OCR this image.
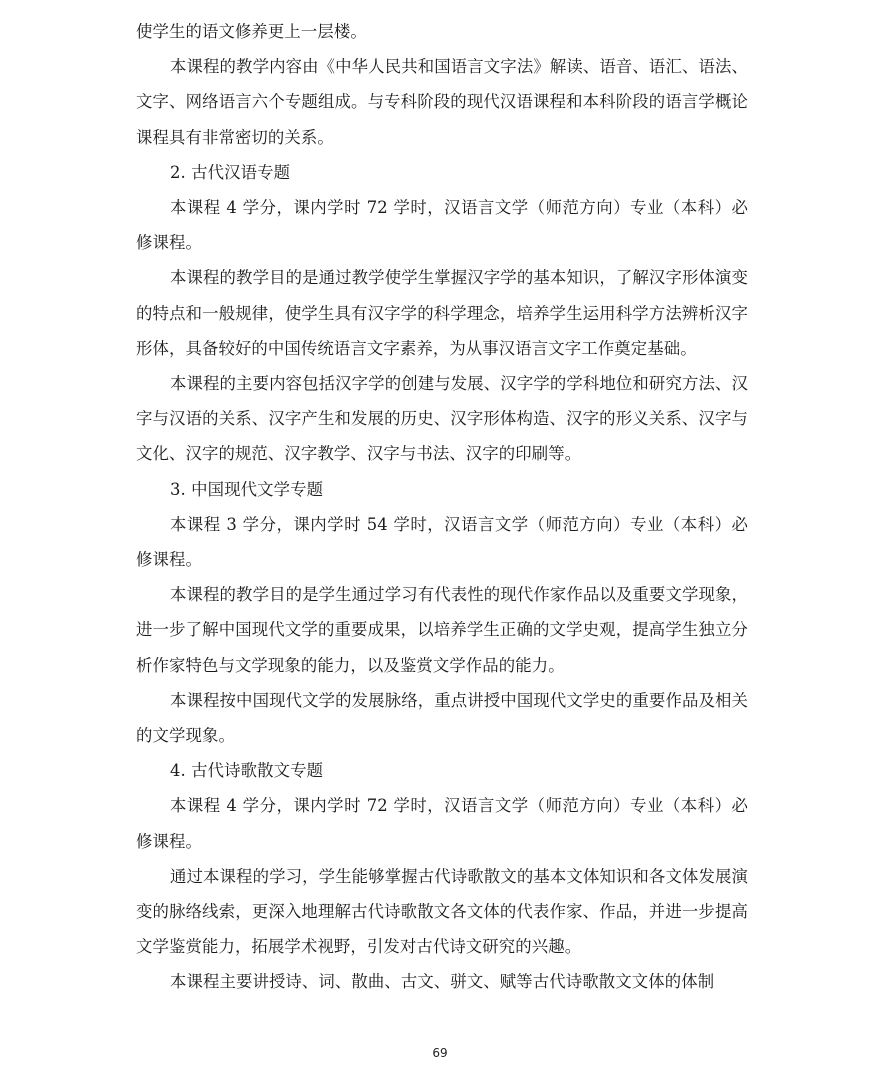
使学生的语文修养更上一层楼。

本课程的教学内容由《中华人民共和国语言文字法》解读、语音、语汇、语法、文字、网络语言六个专题组成。与专科阶段的现代汉语课程和本科阶段的语言学概论课程具有非常密切的关系。

2. 古代汉语专题

本课程 4 学分，课内学时 72 学时，汉语言文学（师范方向）专业（本科）必修课程。

本课程的教学目的是通过教学使学生掌握汉字学的基本知识，了解汉字形体演变的特点和一般规律，使学生具有汉字学的科学理念，培养学生运用科学方法辨析汉字形体，具备较好的中国传统语言文字素养，为从事汉语言文字工作奠定基础。

本课程的主要内容包括汉字学的创建与发展、汉字学的学科地位和研究方法、汉字与汉语的关系、汉字产生和发展的历史、汉字形体构造、汉字的形义关系、汉字与文化、汉字的规范、汉字教学、汉字与书法、汉字的印刷等。

3. 中国现代文学专题

本课程 3 学分，课内学时 54 学时，汉语言文学（师范方向）专业（本科）必修课程。

本课程的教学目的是学生通过学习有代表性的现代作家作品以及重要文学现象，进一步了解中国现代文学的重要成果，以培养学生正确的文学史观，提高学生独立分析作家特色与文学现象的能力，以及鉴赏文学作品的能力。

本课程按中国现代文学的发展脉络，重点讲授中国现代文学史的重要作品及相关的文学现象。

4. 古代诗歌散文专题

本课程 4 学分，课内学时 72 学时，汉语言文学（师范方向）专业（本科）必修课程。

通过本课程的学习，学生能够掌握古代诗歌散文的基本文体知识和各文体发展演变的脉络线索，更深入地理解古代诗歌散文各文体的代表作家、作品，并进一步提高文学鉴赏能力，拓展学术视野，引发对古代诗文研究的兴趣。

本课程主要讲授诗、词、散曲、古文、骈文、赋等古代诗歌散文文体的体制

69
